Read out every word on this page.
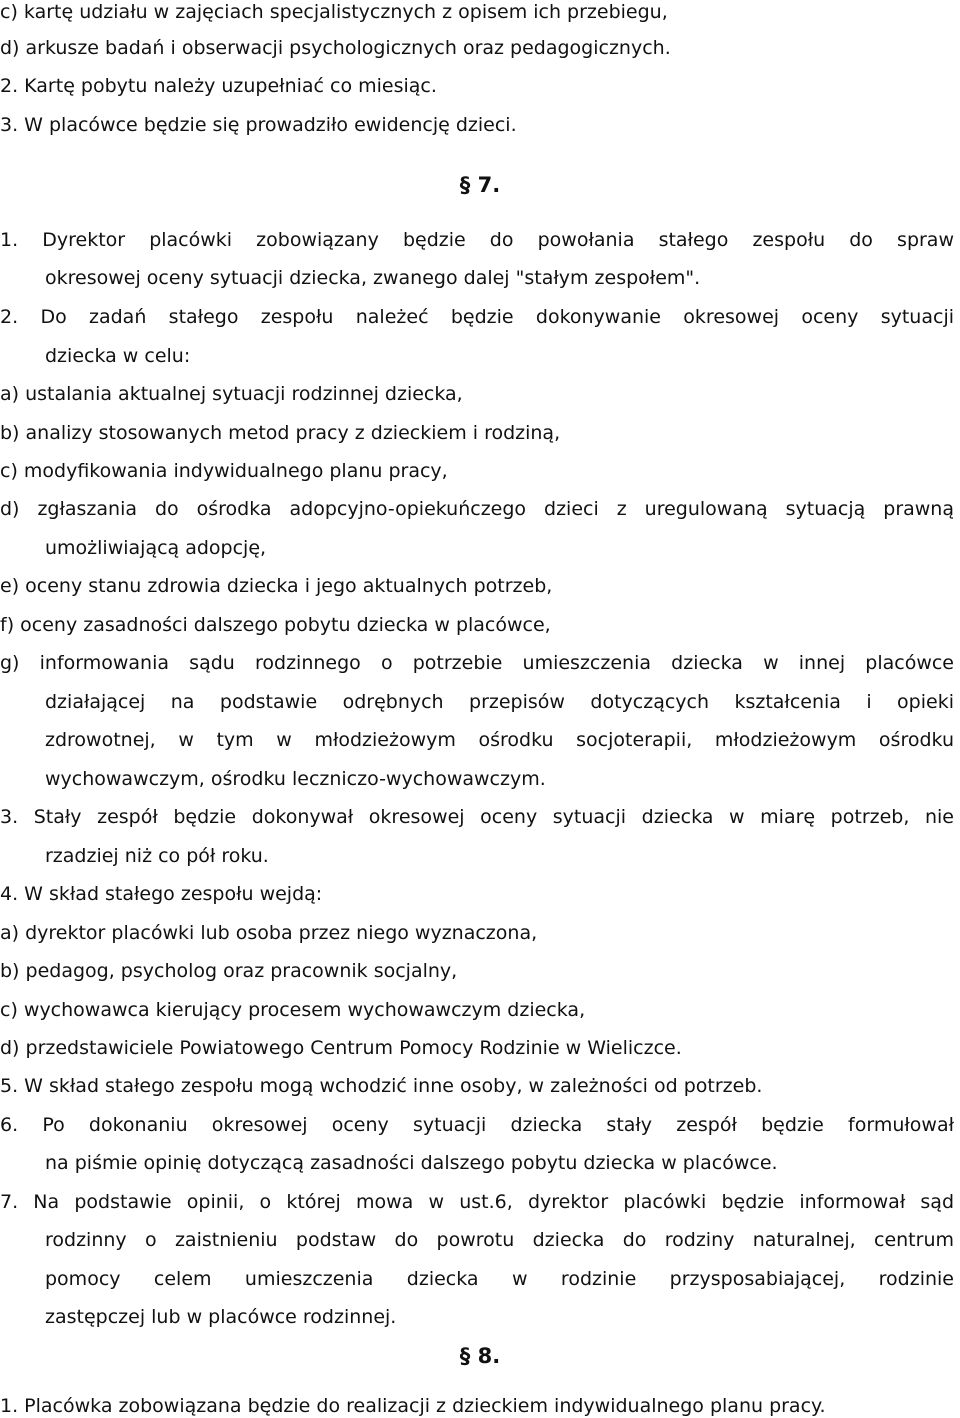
c) kartę udziału w zajęciach specjalistycznych z opisem ich przebiegu,
d) arkusze badań i obserwacji psychologicznych oraz pedagogicznych.
2. Kartę pobytu należy uzupełniać co miesiąc.
3. W placówce będzie się prowadziło ewidencję dzieci.
§ 7.
1. Dyrektor placówki zobowiązany będzie do powołania stałego zespołu do spraw
okresowej oceny sytuacji dziecka, zwanego dalej "stałym zespołem".
2. Do zadań stałego zespołu należeć będzie dokonywanie okresowej oceny sytuacji
dziecka w celu:
a) ustalania aktualnej sytuacji rodzinnej dziecka,
b) analizy stosowanych metod pracy z dzieckiem i rodziną,
c) modyfikowania indywidualnego planu pracy,
d) zgłaszania do ośrodka adopcyjno-opiekuńczego dzieci z uregulowaną sytuacją prawną
umożliwiającą adopcję,
e) oceny stanu zdrowia dziecka i jego aktualnych potrzeb,
f) oceny zasadności dalszego pobytu dziecka w placówce,
g) informowania sądu rodzinnego o potrzebie umieszczenia dziecka w innej placówce
działającej na podstawie odrębnych przepisów dotyczących kształcenia i opieki
zdrowotnej, w tym w młodzieżowym ośrodku socjoterapii, młodzieżowym ośrodku
wychowawczym, ośrodku leczniczo-wychowawczym.
3. Stały zespół będzie dokonywał okresowej oceny sytuacji dziecka w miarę potrzeb, nie
rzadziej niż co pół roku.
4. W skład stałego zespołu wejdą:
a) dyrektor placówki lub osoba przez niego wyznaczona,
b) pedagog, psycholog oraz pracownik socjalny,
c) wychowawca kierujący procesem wychowawczym dziecka,
d) przedstawiciele Powiatowego Centrum Pomocy Rodzinie w Wieliczce.
5. W skład stałego zespołu mogą wchodzić inne osoby, w zależności od potrzeb.
6. Po dokonaniu okresowej oceny sytuacji dziecka stały zespół będzie formułował
na piśmie opinię dotyczącą zasadności dalszego pobytu dziecka w placówce.
7. Na podstawie opinii, o której mowa w ust.6, dyrektor placówki będzie informował sąd
rodzinny o zaistnieniu podstaw do powrotu dziecka do rodziny naturalnej, centrum
pomocy celem umieszczenia dziecka w rodzinie przysposabiającej, rodzinie
zastępczej lub w placówce rodzinnej.
§ 8.
1. Placówka zobowiązana będzie do realizacji z dzieckiem indywidualnego planu pracy.
